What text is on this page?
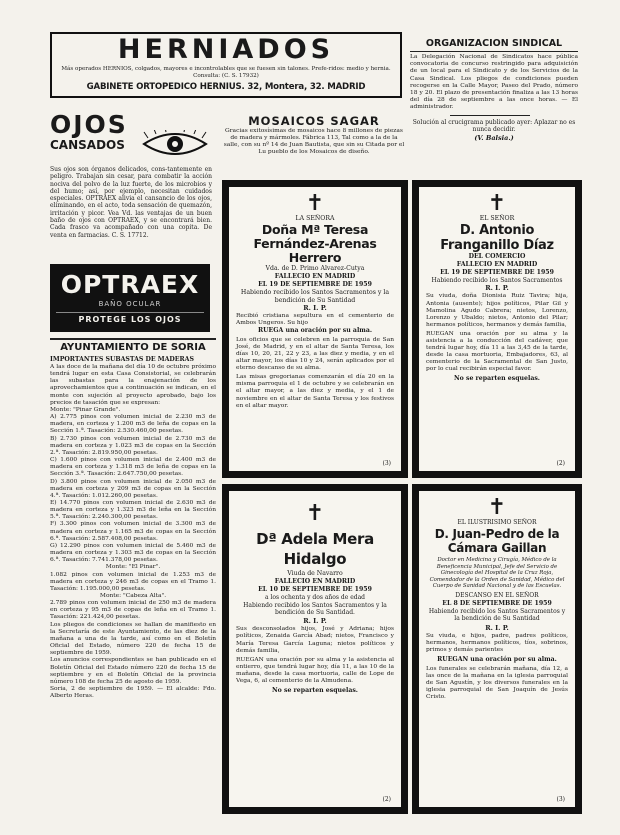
HERNIADOS
Más operados HERNIOS, colgados, mayores e incontrolables que se fuesen sin talones. Prefe-ridos: medio y hernia. Consulta: (C. S. 17932)
GABINETE ORTOPEDICO HERNIUS. 32, Montera, 32. MADRID
ORGANIZACION SINDICAL
La Delegación Nacional de Sindicatos hace pública convocatoria de concurso restringido para adquisición de un local para el Sindicato y de los Servicios de la Casa Sindical. Los pliegos de condiciones pueden recogerse en la Calle Mayor, Paseo del Prado, número 18 y 20. El plazo de presentación finaliza a las 13 horas del día 28 de septiembre a las once horas. — El administrador.
Solución al crucigrama publicado ayer: Aplazar no es nunca decidir.
(V. Balsia.)
OJOS
CANSADOS
Sus ojos son órganos delicados, cons-tantemente en peligro. Trabajan sin cesar, para combatir la acción nociva del polvo de la luz fuerte, de los microbios y del humo; así, por ejemplo, necesitan cuidados especiales. OPTRAEX alivia el cansancio de los ojos, eliminando, en el acto, toda sensación de quemazón, irritación y picor. Vea Vd. las ventajas de un buen baño de ojos con OPTRAEX, y se encontrará bien. Cada frasco va acompañado con una copita. De venta en farmacias. C. S. 17712.
OPTRAEX
BAÑO OCULAR
PROTEGE LOS OJOS
AYUNTAMIENTO DE SORIA
IMPORTANTES SUBASTAS DE MADERAS
A las doce de la mañana del día 10 de octubre próximo tendrá lugar en esta Casa Consistorial, se celebrarán las subastas para la enajenación de los aprovechamientos que a continuación se indican, en el monte con sujeción al proyecto aprobado, bajo los precios de tasación que se expresan:
Monte: "Pinar Grande".
A) 2.775 pinos con volumen inicial de 2.230 m3 de madera, en corteza y 1.200 m3 de leña de copas en la Sección 1.ª. Tasación: 2.530.460,00 pesetas.
B) 2.730 pinos con volumen inicial de 2.730 m3 de madera en corteza y 1.023 m3 de copas en la Sección 2.ª. Tasación: 2.819.950,00 pesetas.
C) 1.600 pinos con volumen inicial de 2.400 m3 de madera en corteza y 1.318 m3 de leña de copas en la Sección 3.ª. Tasación: 2.647.750,00 pesetas.
D) 3.800 pinos con volumen inicial de 2.050 m3 de madera en corteza y 209 m3 de copas en la Sección 4.ª. Tasación: 1.012.260,00 pesetas.
E) 14.770 pinos con volumen inicial de 2.630 m3 de madera en corteza y 1.323 m3 de leña en la Sección 5.ª. Tasación: 2.240.300,00 pesetas.
F) 3.300 pinos con volumen inicial de 3.300 m3 de madera en corteza y 1.165 m3 de copas en la Sección 6.ª. Tasación: 2.587.408,00 pesetas.
G) 12.290 pinos con volumen inicial de 5.460 m3 de madera en corteza y 1.303 m3 de copas en la Sección 6.ª. Tasación: 7.741.378,00 pesetas.
Monte: "El Pinar".
1.082 pinos con volumen inicial de 1.253 m3 de madera en corteza y 246 m3 de copas en el Tramo 1. Tasación: 1.195.000,00 pesetas.
Monte: "Cabeza Alta".
2.789 pinos con volumen inicial de 250 m3 de madera en corteza y 95 m3 de copas de leña en el Tramo 1. Tasación: 221.424,00 pesetas.
Los pliegos de condiciones se hallan de manifiesto en la Secretaría de este Ayuntamiento, de las diez de la mañana a una de la tarde, así como en el Boletín Oficial del Estado, número 220 de fecha 15 de septiembre de 1959.
Los anuncios correspondientes se han publicado en el Boletín Oficial del Estado número 220 de fecha 15 de septiembre y en el Boletín Oficial de la provincia número 108 de fecha 25 de agosto de 1959.
Soria, 2 de septiembre de 1959. — El alcalde: Fdo. Alberto Heras.
MOSAICOS SAGAR
Gracias exitosísimas de mosaicos hace 8 millones de piezas de madera y mármoles. Fábrica 113, Tal como a la de la salle, con su nº 14 de Juan Bautista, que sin su Citada por el Lu pueblo de los Mosaicos de diseño.
✝
LA SEÑORA
Doña Mª Teresa Fernández-Arenas Herrero
Vda. de D. Primo Alvarez-Cutya
FALLECIO EN MADRID
EL 19 DE SEPTIEMBRE DE 1959
Habiendo recibido los Santos Sacramentos y la bendición de Su Santidad
R. I. P.
Recibió cristiana sepultura en el cementerio de Ambos Ungeros. Su hijo
RUEGA una oración por su alma.
Los oficios que se celebren en la parroquia de San José, de Madrid, y en el altar de Santa Teresa, los días 10, 20, 21, 22 y 23, a las diez y media, y en el altar mayor, los días 10 y 24, serán aplicados por el eterno descanso de su alma.
Las misas gregorianas comenzarán el día 20 en la misma parroquia el 1 de octubre y se celebrarán en el altar mayor, a las diez y media, y el 1 de noviembre en el altar de Santa Teresa y los festivos en el altar mayor.
(3)
✝
EL SEÑOR
D. Antonio Franganillo Díaz
DEL COMERCIO
FALLECIO EN MADRID
EL 19 DE SEPTIEMBRE DE 1959
Habiendo recibido los Santos Sacramentos
R. I. P.
Su viuda, doña Dionisia Ruiz Tavira; hija, Antonia (ausente); hijos políticos, Pilar Gil y Mamolina Agudo Cabrera; nietos, Lorenzo, Lorenzo y Ubaldo; nietos, Antonio del Pilar; hermanos políticos, hermanos y demás familia,
RUEGAN una oración por su alma y la asistencia a la conducción del cadáver, que tendrá lugar hoy, día 11 a las 3,45 de la tarde, desde la casa mortuoria, Embajadores, 63, al cementerio de la Sacramental de San Justo, por lo cual recibirán especial favor.
No se reparten esquelas.
(2)
✝
Dª Adela Mera Hidalgo
Viuda de Navarro
FALLECIO EN MADRID
EL 10 DE SEPTIEMBRE DE 1959
a los ochenta y dos años de edad
Habiendo recibido los Santos Sacramentos y la bendición de Su Santidad.
R. I. P.
Sus desconsolados hijos, José y Adriana; hijos políticos, Zenaida García Abad; nietos, Francisco y María Teresa García Laguna; nietos políticos y demás familia,
RUEGAN una oración por su alma y la asistencia al entierro, que tendrá lugar hoy, día 11, a las 10 de la mañana, desde la casa mortuoria, calle de Lope de Vega, 6, al cementerio de la Almudena.
No se reparten esquelas.
(2)
✝
EL ILUSTRISIMO SEÑOR
D. Juan-Pedro de la Cámara Gaillan
Doctor en Medicina y Cirugía, Médico de la Beneficencia Municipal, Jefe del Servicio de Ginecología del Hospital de la Cruz Roja, Comendador de la Orden de Sanidad, Médico del Cuerpo de Sanidad Nacional y de las Escuelas.
DESCANSO EN EL SEÑOR
EL 8 DE SEPTIEMBRE DE 1959
Habiendo recibido los Santos Sacramentos y la bendición de Su Santidad
R. I. P.
Su viuda, e hijos, padre, padres políticos, hermanos, hermanos políticos, tíos, sobrinos, primos y demás parientes
RUEGAN una oración por su alma.
Los funerales se celebrarán mañana, día 12, a las once de la mañana en la iglesia parroquial de San Agustín, y los diversos funerales en la iglesia parroquial de San Joaquín de Jesús Cristo.
(3)
